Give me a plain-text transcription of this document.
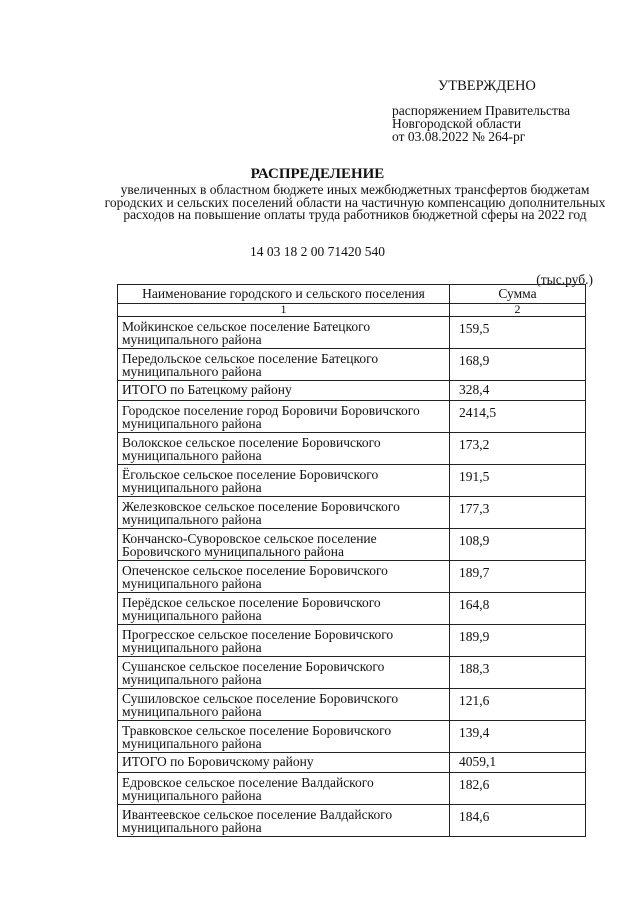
УТВЕРЖДЕНО
распоряжением Правительства
Новгородской области
от 03.08.2022 № 264-рг
РАСПРЕДЕЛЕНИЕ
увеличенных в областном бюджете иных межбюджетных трансфертов бюджетам городских и сельских поселений области на частичную компенсацию дополнительных расходов на повышение оплаты труда работников бюджетной сферы на 2022 год
14 03 18 2 00 71420 540
(тыс.руб.)
Наименование городского и сельского поселения	Сумма
1	2
Мойкинское сельское поселение Батецкого муниципального района	159,5
Передольское сельское поселение Батецкого муниципального района	168,9
ИТОГО по Батецкому району	328,4
Городское поселение город Боровичи Боровичского муниципального района	2414,5
Волокское сельское поселение Боровичского муниципального района	173,2
Ёгольское сельское поселение Боровичского муниципального района	191,5
Железковское сельское поселение Боровичского муниципального района	177,3
Кончанско-Суворовское сельское поселение Боровичского муниципального района	108,9
Опеченское сельское поселение Боровичского муниципального района	189,7
Перёдское сельское поселение Боровичского муниципального района	164,8
Прогресское сельское поселение Боровичского муниципального района	189,9
Сушанское сельское поселение Боровичского муниципального района	188,3
Сушиловское сельское поселение Боровичского муниципального района	121,6
Травковское сельское поселение Боровичского муниципального района	139,4
ИТОГО по Боровичскому району	4059,1
Едровское сельское поселение Валдайского муниципального района	182,6
Ивантеевское сельское поселение Валдайского муниципального района	184,6
